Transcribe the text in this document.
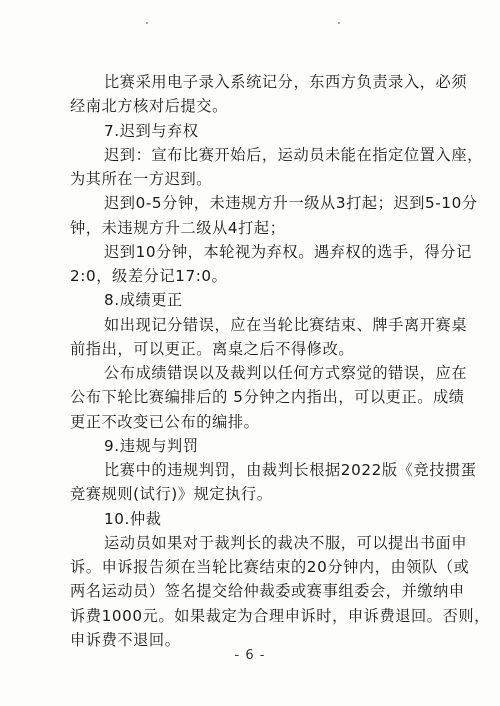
比赛采用电子录入系统记分，东西方负责录入，必须
经南北方核对后提交。
7.迟到与弃权
迟到：宣布比赛开始后，运动员未能在指定位置入座，
为其所在一方迟到。
迟到0-5分钟，未违规方升一级从3打起；迟到5-10分
钟，未违规方升二级从4打起；
迟到10分钟，本轮视为弃权。遇弃权的选手，得分记
2:0，级差分记17:0。
8.成绩更正
如出现记分错误，应在当轮比赛结束、牌手离开赛桌
前指出，可以更正。离桌之后不得修改。
公布成绩错误以及裁判以任何方式察觉的错误，应在
公布下轮比赛编排后的 5分钟之内指出，可以更正。成绩
更正不改变已公布的编排。
9.违规与判罚
比赛中的违规判罚，由裁判长根据2022版《竞技掼蛋
竞赛规则(试行)》规定执行。
10.仲裁
运动员如果对于裁判长的裁决不服，可以提出书面申
诉。申诉报告须在当轮比赛结束的20分钟内，由领队（或
两名运动员）签名提交给仲裁委或赛事组委会，并缴纳申
诉费1000元。如果裁定为合理申诉时，申诉费退回。否则，
申诉费不退回。
- 6 -
